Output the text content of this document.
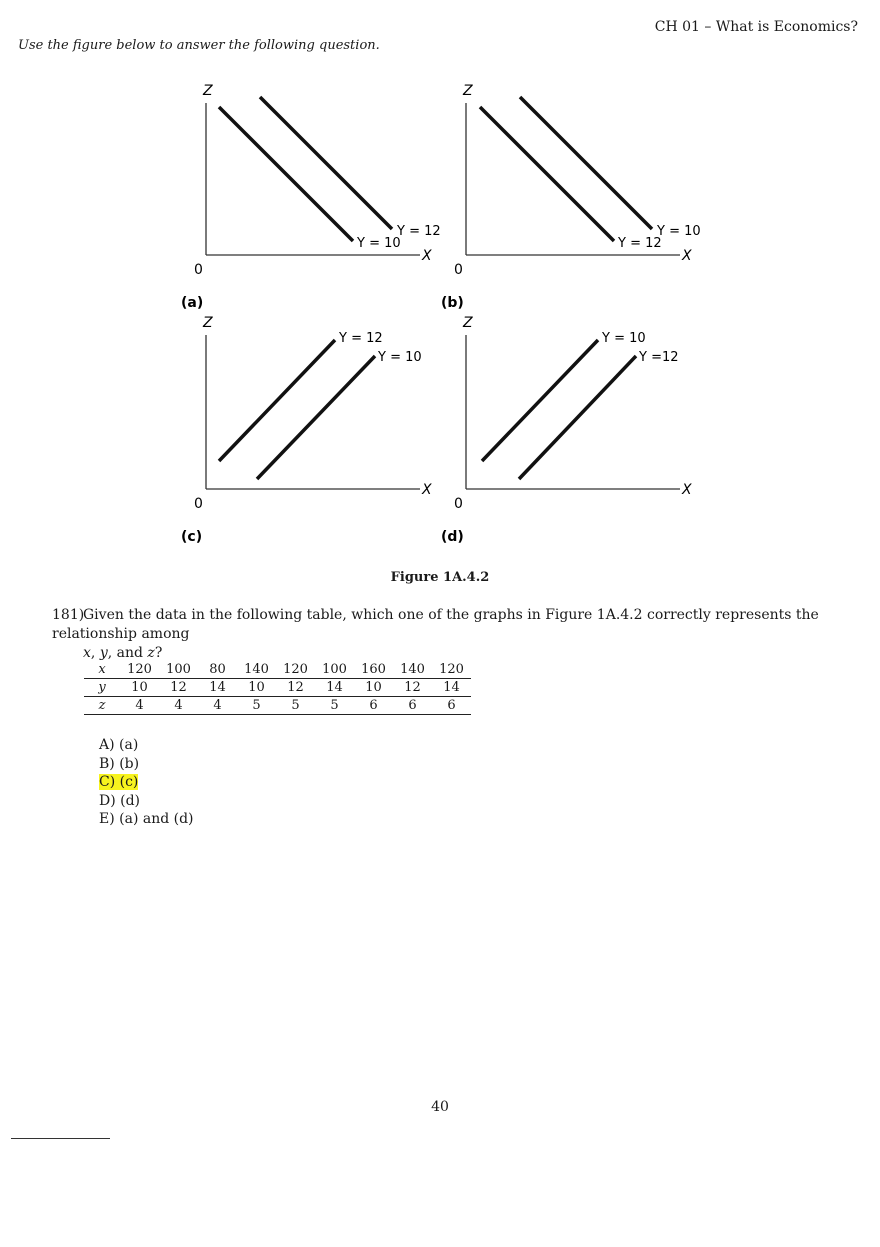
CH 01 – What is Economics?
Use the figure below to answer the following question.
Z
X
0
Y = 12
Y = 10
(a)
Z
X
0
Y = 10
Y = 12
(b)
Z
X
0
Y = 12
Y = 10
(c)
Z
X
0
Y = 10
Y =12
(d)
Figure 1A.4.2
181)Given the data in the following table, which one of the graphs in Figure 1A.4.2 correctly represents the relationship among
x, y, and z?
x	120	100	80	140	120	100	160	140	120
y	10	12	14	10	12	14	10	12	14
z	4	4	4	5	5	5	6	6	6
A) (a)
B) (b)
C) (c)
D) (d)
E) (a) and (d)
40
